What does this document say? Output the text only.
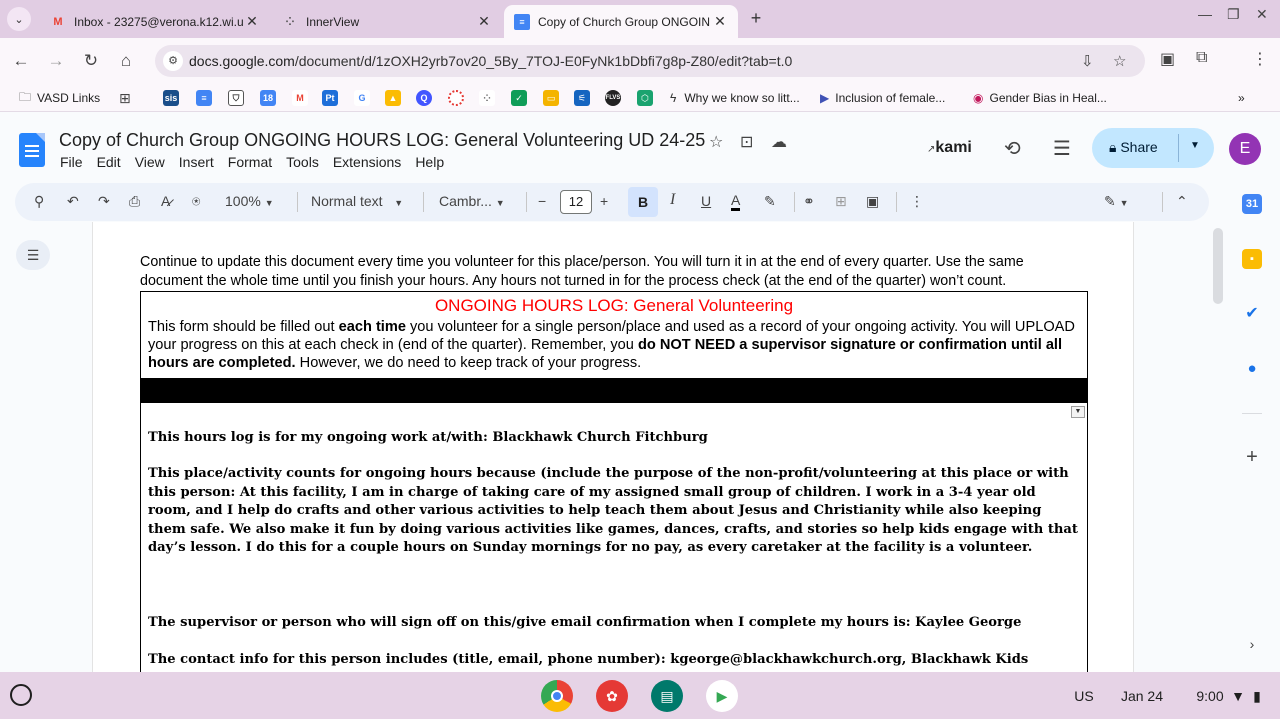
⌄	M Inbox - 23275@verona.k12.wi.u ✕	⁘ InnerView	✕	≡	Copy of Church Group ONGOIN ✕ +	— ❐ ✕
← → ↻	⌂	⚙ docs.google.com/document/d/1zOXH2yrb7ov20_5By_7TOJ-E0FyNk1bDbfi7g8p-Z80/edit?tab=t.0	⇩ ☆ ▣ ⧉	⋮
🗀 VASD Links ⊞	sis	≡	⛉	18	M	Pt	G	▲	Q	⁘	✓	▭	⚟	FLVS	⬡	ϟ Why we know so litt... ▶ Inclusion of female... ◉ Gender Bias in Heal...	»
Copy of Church Group ONGOING HOURS LOG: General Volunteering UD 24-25 ☆ ⊡ ☁
File Edit View Insert Format Tools Extensions Help
↗kami ⟲ ☰	🔒︎ Share	▼	E
⚲ ↶ ↷ ⎙ A̷ ⍟ 100% ▼	Normal text ▼	Cambr... ▼ −	12	+	B	I U A ✎ ⚭ ⊞ ▣ ⋮	✎ ▼	⌃
☰	Continue to update this document every time you volunteer for this place/person. You will turn it in at the end of every quarter. Use the same document the whole time until you finish your hours. Any hours not turned in for the process check (at the end of the quarter) won’t count.
ONGOING HOURS LOG: General Volunteering
This form should be filled out each time you volunteer for a single person/place and used as a record of your ongoing activity. You will UPLOAD your progress on this at each check in (end of the quarter). Remember, you do NOT NEED a supervisor signature or confirmation until all hours are completed. However, we do need to keep track of your progress.
▼
This hours log is for my ongoing work at/with: Blackhawk Church Fitchburg
This place/activity counts for ongoing hours because (include the purpose of the non-profit/volunteering at this place or with this person: At this facility, I am in charge of taking care of my assigned small group of children. I work in a 3-4 year old room, and I help do crafts and other various activities to help teach them about Jesus and Christianity while also keeping them safe. We also make it fun by doing various activities like games, dances, crafts, and stories so help kids engage with that day’s lesson. I do this for a couple hours on Sunday mornings for no pay, as every caretaker at the facility is a volunteer.
The supervisor or person who will sign off on this/give email confirmation when I complete my hours is: Kaylee George
The contact info for this person includes (title, email, phone number): kgeorge@blackhawkchurch.org, Blackhawk Kids
31
▪
✔
●
+
›
✿	▤	▶	US	Jan 24	9:00 ▼ ▮
